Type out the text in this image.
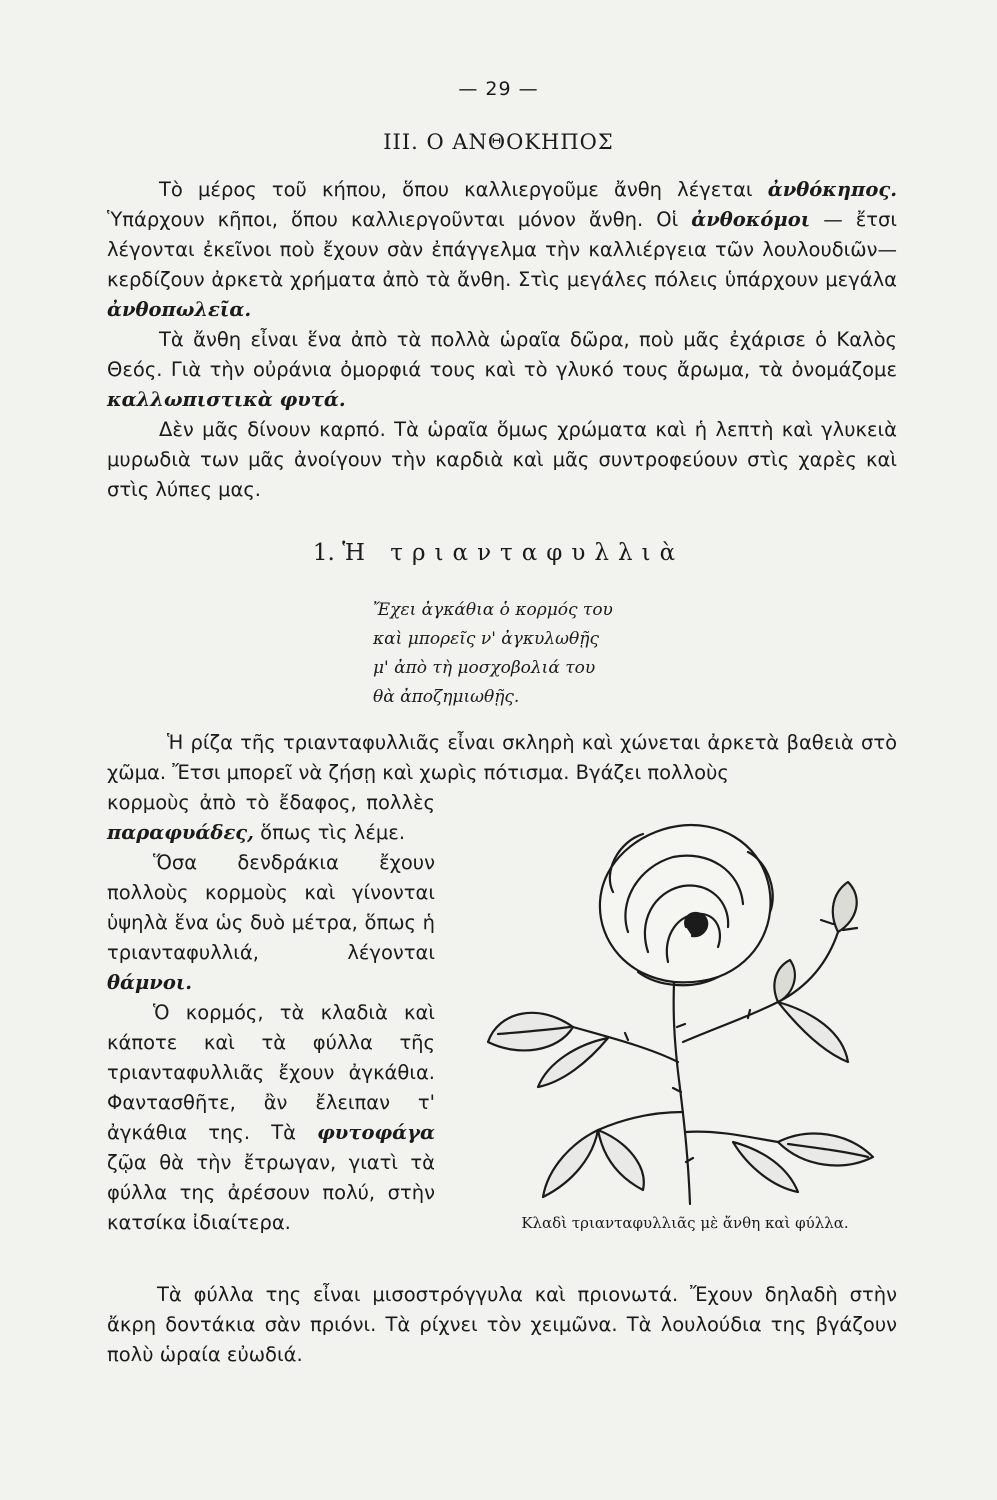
— 29 —
III. Ο ΑΝΘΟΚΗΠΟΣ

Τὸ μέρος τοῦ κήπου, ὅπου καλλιεργοῦμε ἄνθη λέγεται ἀνθόκηπος. Ὑπάρχουν κῆποι, ὅπου καλλιεργοῦνται μόνον ἄνθη. Οἱ ἀνθοκόμοι — ἔτσι λέγονται ἐκεῖνοι ποὺ ἔχουν σὰν ἐπάγγελμα τὴν καλλιέργεια τῶν λουλουδιῶν—κερδίζουν ἀρκετὰ χρήματα ἀπὸ τὰ ἄνθη. Στὶς μεγάλες πόλεις ὑπάρχουν μεγάλα ἀνθοπωλεῖα.

Τὰ ἄνθη εἶναι ἕνα ἀπὸ τὰ πολλὰ ὡραῖα δῶρα, ποὺ μᾶς ἐχάρισε ὁ Καλὸς Θεός. Γιὰ τὴν οὐράνια ὀμορφιά τους καὶ τὸ γλυκό τους ἄρωμα, τὰ ὀνομάζομε καλλωπιστικὰ φυτά.

Δὲν μᾶς δίνουν καρπό. Τὰ ὡραῖα ὅμως χρώματα καὶ ἡ λεπτὴ καὶ γλυκειὰ μυρωδιὰ των μᾶς ἀνοίγουν τὴν καρδιὰ καὶ μᾶς συντροφεύουν στὶς χαρὲς καὶ στὶς λύπες μας.

1. Ἡ τριανταφυλλιὰ
Ἔχει ἀγκάθια ὁ κορμός του
καὶ μπορεῖς ν' ἀγκυλωθῇς
μ' ἀπὸ τὴ μοσχοβολιά του
θὰ ἀποζημιωθῇς.

Ἡ ρίζα τῆς τριανταφυλλιᾶς εἶναι σκληρὴ καὶ χώνεται ἀρκετὰ βαθειὰ στὸ χῶμα. Ἔτσι μπορεῖ νὰ ζήσῃ καὶ χωρὶς πότισμα. Βγάζει πολλοὺς

κορμοὺς ἀπὸ τὸ ἔδαφος, πολλὲς παραφυάδες, ὅπως τὶς λέμε.

Ὅσα δενδράκια ἔχουν πολλοὺς κορμοὺς καὶ γίνονται ὑψηλὰ ἕνα ὡς δυὸ μέτρα, ὅπως ἡ τριανταφυλλιά, λέγονται θάμνοι.

Ὁ κορμός, τὰ κλαδιὰ καὶ κάποτε καὶ τὰ φύλλα τῆς τριανταφυλλιᾶς ἔχουν ἀγκάθια. Φαντασθῆτε, ἂν ἔλειπαν τ' ἀγκάθια της. Τὰ φυτοφάγα ζῷα θὰ τὴν ἔτρωγαν, γιατὶ τὰ φύλλα της ἀρέσουν πολύ, στὴν κατσίκα ἰδιαίτερα.	Κλαδὶ τριανταφυλλιᾶς μὲ ἄνθη καὶ φύλλα.

Τὰ φύλλα της εἶναι μισοστρόγγυλα καὶ πριονωτά. Ἔχουν δηλαδὴ στὴν ἄκρη δοντάκια σὰν πριόνι. Τὰ ρίχνει τὸν χειμῶνα. Τὰ λουλούδια της βγάζουν πολὺ ὡραία εὐωδιά.
